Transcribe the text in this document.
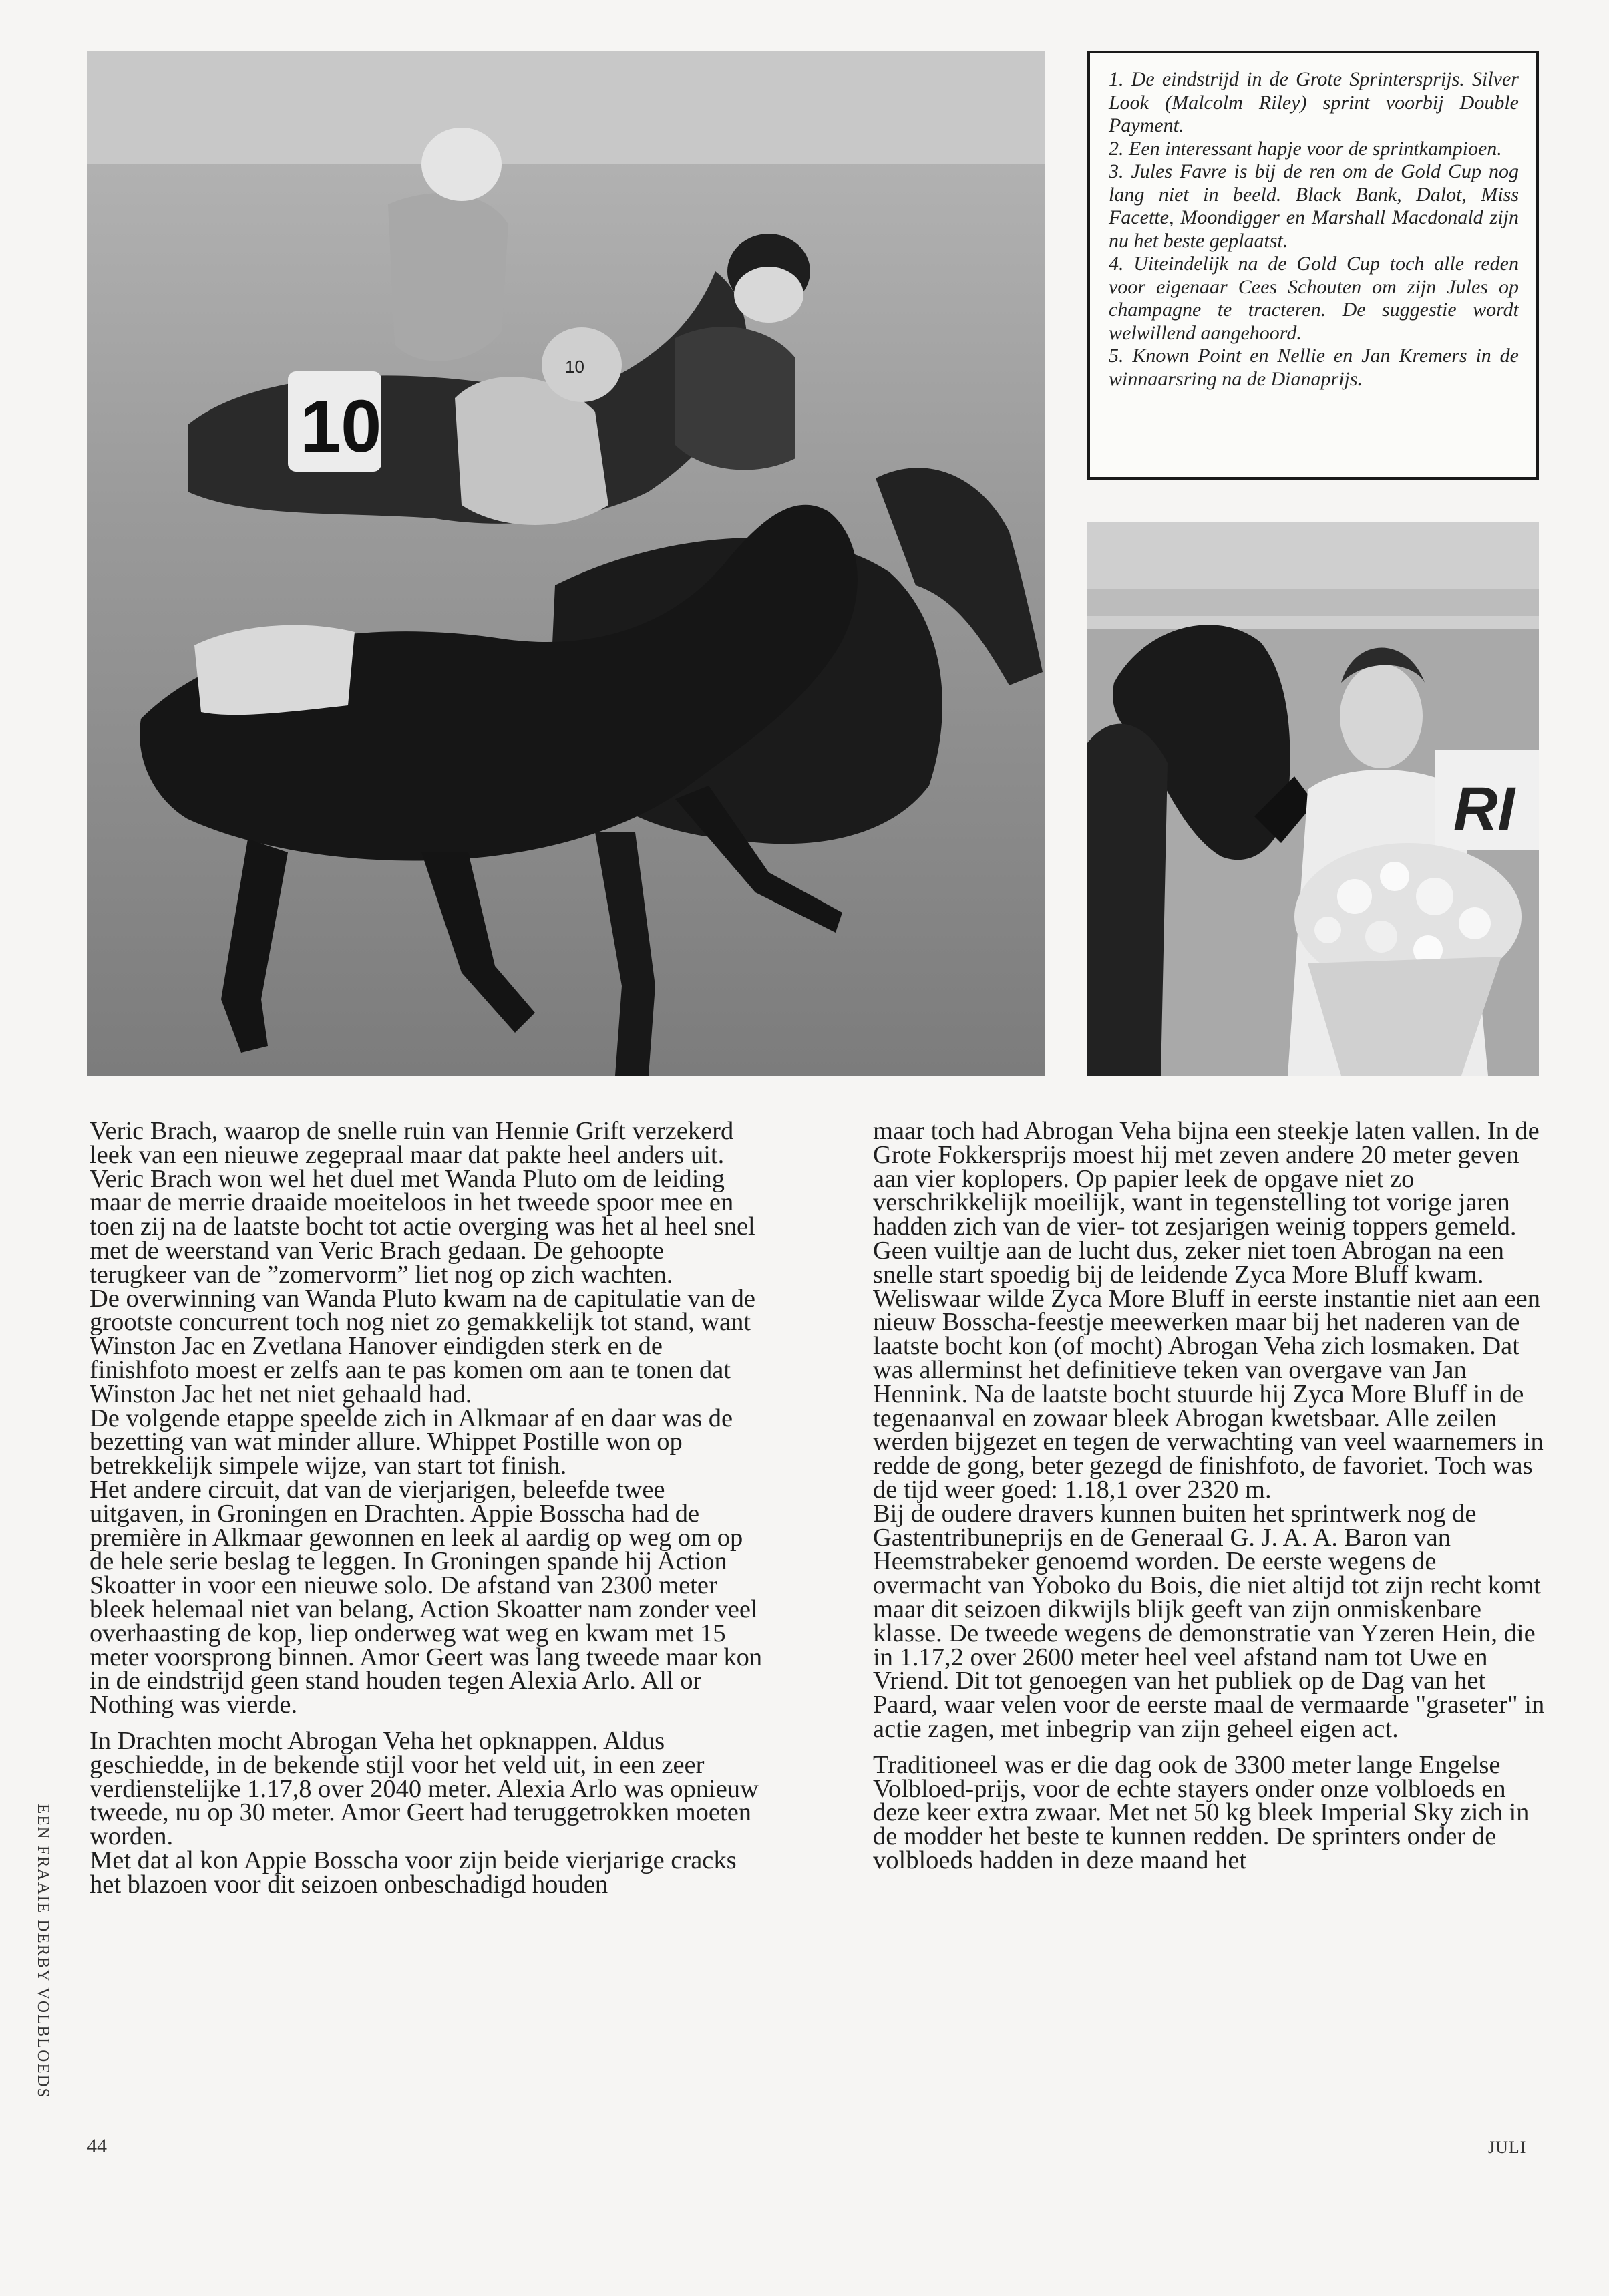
10
10

1. De eindstrijd in de Grote Sprintersprijs. Silver Look (Malcolm Riley) sprint voorbij Double Payment.

2. Een interessant hapje voor de sprintkampioen.

3. Jules Favre is bij de ren om de Gold Cup nog lang niet in beeld. Black Bank, Dalot, Miss Facette, Moondigger en Marshall Macdonald zijn nu het beste geplaatst.

4. Uiteindelijk na de Gold Cup toch alle reden voor eigenaar Cees Schouten om zijn Jules op champagne te tracteren. De suggestie wordt welwillend aangehoord.

5. Known Point en Nellie en Jan Kremers in de winnaarsring na de Dianaprijs.

RI

Veric Brach, waarop de snelle ruin van Hennie Grift verzekerd leek van een nieuwe zegepraal maar dat pakte heel anders uit. Veric Brach won wel het duel met Wanda Pluto om de leiding maar de merrie draaide moeiteloos in het tweede spoor mee en toen zij na de laatste bocht tot actie overging was het al heel snel met de weerstand van Veric Brach gedaan. De gehoopte terugkeer van de ”zomervorm” liet nog op zich wachten.

De overwinning van Wanda Pluto kwam na de capitulatie van de grootste concurrent toch nog niet zo gemakkelijk tot stand, want Winston Jac en Zvetlana Hanover eindigden sterk en de finishfoto moest er zelfs aan te pas komen om aan te tonen dat Winston Jac het net niet gehaald had.

De volgende etappe speelde zich in Alkmaar af en daar was de bezetting van wat minder allure. Whippet Postille won op betrekkelijk simpele wijze, van start tot finish.

Het andere circuit, dat van de vierjarigen, beleefde twee uitgaven, in Groningen en Drachten. Appie Bosscha had de première in Alkmaar gewonnen en leek al aardig op weg om op de hele serie beslag te leggen. In Groningen spande hij Action Skoatter in voor een nieuwe solo. De afstand van 2300 meter bleek helemaal niet van belang, Action Skoatter nam zonder veel overhaasting de kop, liep onderweg wat weg en kwam met 15 meter voorsprong binnen. Amor Geert was lang tweede maar kon in de eindstrijd geen stand houden tegen Alexia Arlo. All or Nothing was vierde.

In Drachten mocht Abrogan Veha het opknappen. Aldus geschiedde, in de bekende stijl voor het veld uit, in een zeer verdienstelijke 1.17,8 over 2040 meter. Alexia Arlo was opnieuw tweede, nu op 30 meter. Amor Geert had teruggetrokken moeten worden.

Met dat al kon Appie Bosscha voor zijn beide vierjarige cracks het blazoen voor dit seizoen onbeschadigd houden

maar toch had Abrogan Veha bijna een steekje laten vallen. In de Grote Fokkersprijs moest hij met zeven andere 20 meter geven aan vier koplopers. Op papier leek de opgave niet zo verschrikkelijk moeilijk, want in tegenstelling tot vorige jaren hadden zich van de vier- tot zesjarigen weinig toppers gemeld. Geen vuiltje aan de lucht dus, zeker niet toen Abrogan na een snelle start spoedig bij de leidende Zyca More Bluff kwam. Weliswaar wilde Zyca More Bluff in eerste instantie niet aan een nieuw Bosscha-feestje meewerken maar bij het naderen van de laatste bocht kon (of mocht) Abrogan Veha zich losmaken. Dat was allerminst het definitieve teken van overgave van Jan Hennink. Na de laatste bocht stuurde hij Zyca More Bluff in de tegenaanval en zowaar bleek Abrogan kwetsbaar. Alle zeilen werden bijgezet en tegen de verwachting van veel waarnemers in redde de gong, beter gezegd de finishfoto, de favoriet. Toch was de tijd weer goed: 1.18,1 over 2320 m.

Bij de oudere dravers kunnen buiten het sprintwerk nog de Gastentribuneprijs en de Generaal G. J. A. A. Baron van Heemstrabeker genoemd worden. De eerste wegens de overmacht van Yoboko du Bois, die niet altijd tot zijn recht komt maar dit seizoen dikwijls blijk geeft van zijn onmiskenbare klasse. De tweede wegens de demonstratie van Yzeren Hein, die in 1.17,2 over 2600 meter heel veel afstand nam tot Uwe en Vriend. Dit tot genoegen van het publiek op de Dag van het Paard, waar velen voor de eerste maal de vermaarde "graseter" in actie zagen, met inbegrip van zijn geheel eigen act.

Traditioneel was er die dag ook de 3300 meter lange Engelse Volbloed-prijs, voor de echte stayers onder onze volbloeds en deze keer extra zwaar. Met net 50 kg bleek Imperial Sky zich in de modder het beste te kunnen redden. De sprinters onder de volbloeds hadden in deze maand het

EEN FRAAIE DERBY VOLBLOEDS
44	JULI
